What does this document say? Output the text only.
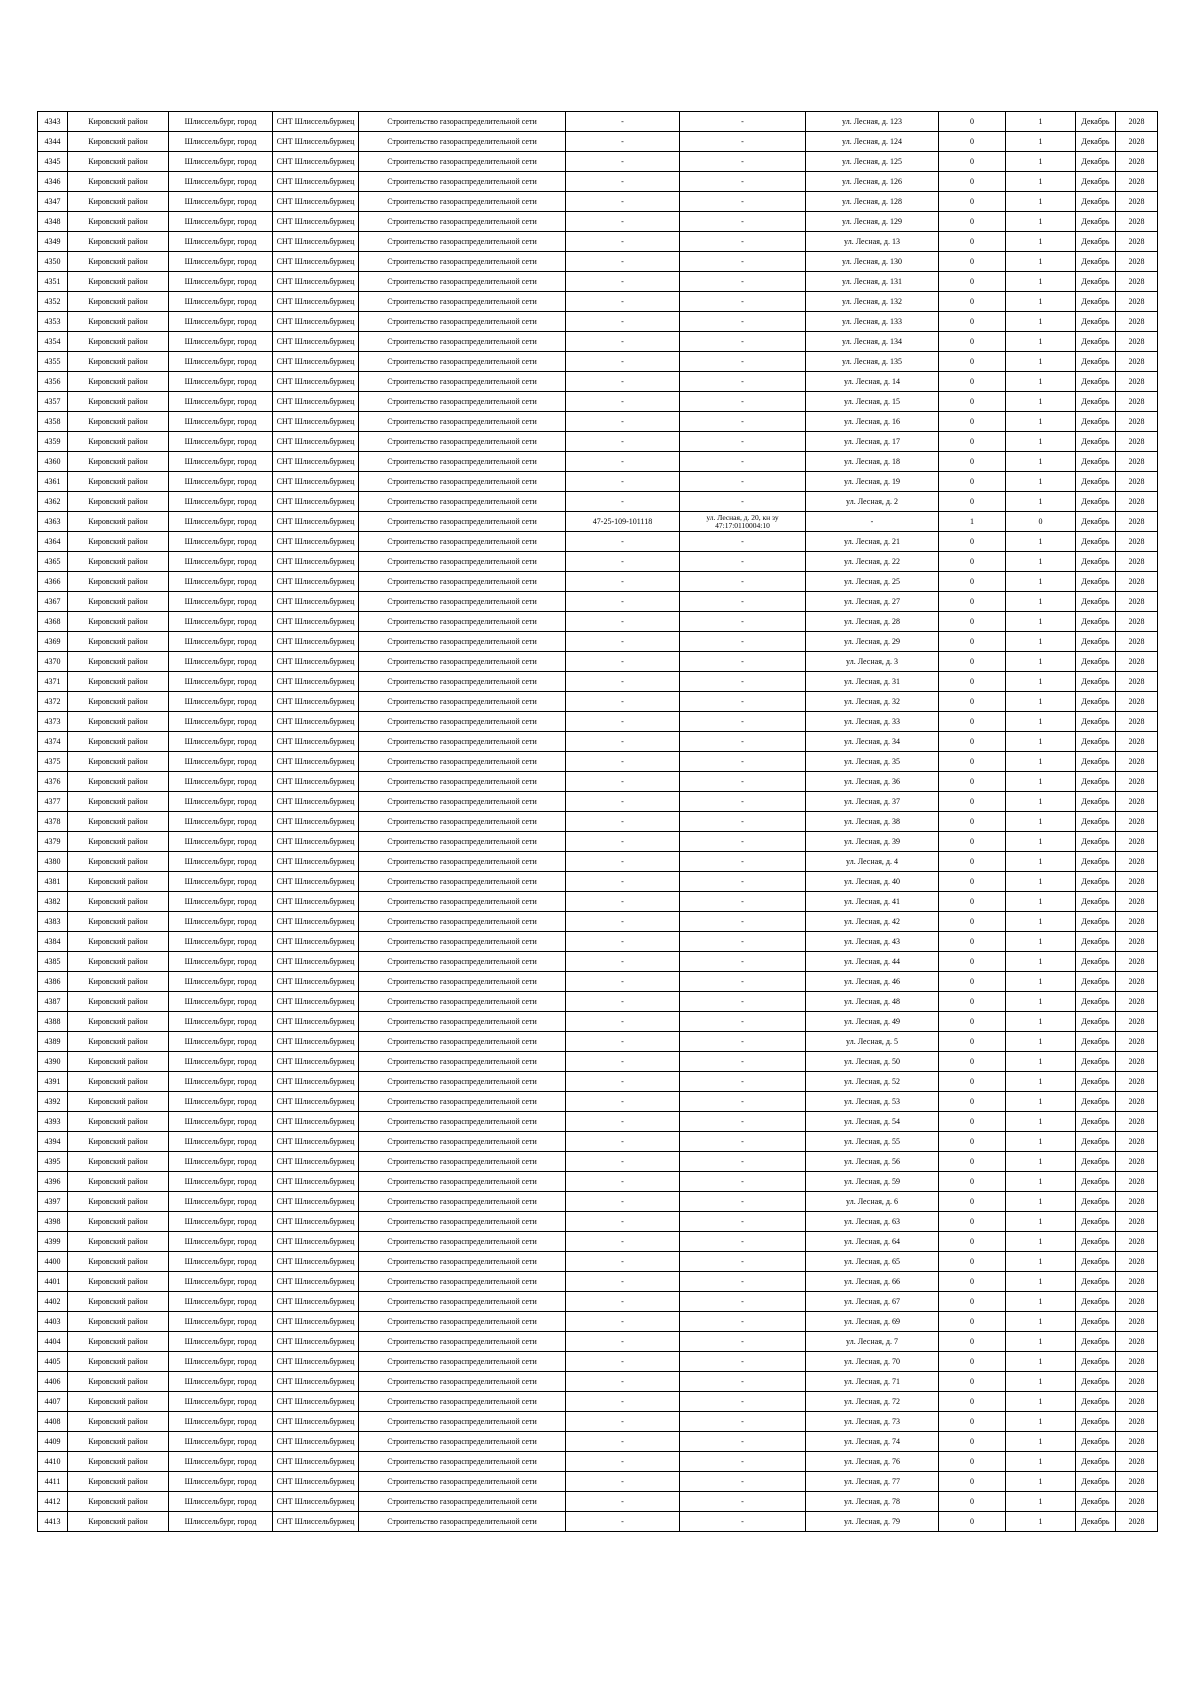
4343	Кировский район	Шлиссельбург, город	СНТ Шлиссельбуржец	Строительство газораспределительной сети	-	-	ул. Лесная, д. 123	0	1	Декабрь	2028
4344	Кировский район	Шлиссельбург, город	СНТ Шлиссельбуржец	Строительство газораспределительной сети	-	-	ул. Лесная, д. 124	0	1	Декабрь	2028
4345	Кировский район	Шлиссельбург, город	СНТ Шлиссельбуржец	Строительство газораспределительной сети	-	-	ул. Лесная, д. 125	0	1	Декабрь	2028
4346	Кировский район	Шлиссельбург, город	СНТ Шлиссельбуржец	Строительство газораспределительной сети	-	-	ул. Лесная, д. 126	0	1	Декабрь	2028
4347	Кировский район	Шлиссельбург, город	СНТ Шлиссельбуржец	Строительство газораспределительной сети	-	-	ул. Лесная, д. 128	0	1	Декабрь	2028
4348	Кировский район	Шлиссельбург, город	СНТ Шлиссельбуржец	Строительство газораспределительной сети	-	-	ул. Лесная, д. 129	0	1	Декабрь	2028
4349	Кировский район	Шлиссельбург, город	СНТ Шлиссельбуржец	Строительство газораспределительной сети	-	-	ул. Лесная, д. 13	0	1	Декабрь	2028
4350	Кировский район	Шлиссельбург, город	СНТ Шлиссельбуржец	Строительство газораспределительной сети	-	-	ул. Лесная, д. 130	0	1	Декабрь	2028
4351	Кировский район	Шлиссельбург, город	СНТ Шлиссельбуржец	Строительство газораспределительной сети	-	-	ул. Лесная, д. 131	0	1	Декабрь	2028
4352	Кировский район	Шлиссельбург, город	СНТ Шлиссельбуржец	Строительство газораспределительной сети	-	-	ул. Лесная, д. 132	0	1	Декабрь	2028
4353	Кировский район	Шлиссельбург, город	СНТ Шлиссельбуржец	Строительство газораспределительной сети	-	-	ул. Лесная, д. 133	0	1	Декабрь	2028
4354	Кировский район	Шлиссельбург, город	СНТ Шлиссельбуржец	Строительство газораспределительной сети	-	-	ул. Лесная, д. 134	0	1	Декабрь	2028
4355	Кировский район	Шлиссельбург, город	СНТ Шлиссельбуржец	Строительство газораспределительной сети	-	-	ул. Лесная, д. 135	0	1	Декабрь	2028
4356	Кировский район	Шлиссельбург, город	СНТ Шлиссельбуржец	Строительство газораспределительной сети	-	-	ул. Лесная, д. 14	0	1	Декабрь	2028
4357	Кировский район	Шлиссельбург, город	СНТ Шлиссельбуржец	Строительство газораспределительной сети	-	-	ул. Лесная, д. 15	0	1	Декабрь	2028
4358	Кировский район	Шлиссельбург, город	СНТ Шлиссельбуржец	Строительство газораспределительной сети	-	-	ул. Лесная, д. 16	0	1	Декабрь	2028
4359	Кировский район	Шлиссельбург, город	СНТ Шлиссельбуржец	Строительство газораспределительной сети	-	-	ул. Лесная, д. 17	0	1	Декабрь	2028
4360	Кировский район	Шлиссельбург, город	СНТ Шлиссельбуржец	Строительство газораспределительной сети	-	-	ул. Лесная, д. 18	0	1	Декабрь	2028
4361	Кировский район	Шлиссельбург, город	СНТ Шлиссельбуржец	Строительство газораспределительной сети	-	-	ул. Лесная, д. 19	0	1	Декабрь	2028
4362	Кировский район	Шлиссельбург, город	СНТ Шлиссельбуржец	Строительство газораспределительной сети	-	-	ул. Лесная, д. 2	0	1	Декабрь	2028
4363	Кировский район	Шлиссельбург, город	СНТ Шлиссельбуржец	Строительство газораспределительной сети	47-25-109-101118	ул. Лесная, д. 20, кн зу 47:17:0110004:10	-	1	0	Декабрь	2028
4364	Кировский район	Шлиссельбург, город	СНТ Шлиссельбуржец	Строительство газораспределительной сети	-	-	ул. Лесная, д. 21	0	1	Декабрь	2028
4365	Кировский район	Шлиссельбург, город	СНТ Шлиссельбуржец	Строительство газораспределительной сети	-	-	ул. Лесная, д. 22	0	1	Декабрь	2028
4366	Кировский район	Шлиссельбург, город	СНТ Шлиссельбуржец	Строительство газораспределительной сети	-	-	ул. Лесная, д. 25	0	1	Декабрь	2028
4367	Кировский район	Шлиссельбург, город	СНТ Шлиссельбуржец	Строительство газораспределительной сети	-	-	ул. Лесная, д. 27	0	1	Декабрь	2028
4368	Кировский район	Шлиссельбург, город	СНТ Шлиссельбуржец	Строительство газораспределительной сети	-	-	ул. Лесная, д. 28	0	1	Декабрь	2028
4369	Кировский район	Шлиссельбург, город	СНТ Шлиссельбуржец	Строительство газораспределительной сети	-	-	ул. Лесная, д. 29	0	1	Декабрь	2028
4370	Кировский район	Шлиссельбург, город	СНТ Шлиссельбуржец	Строительство газораспределительной сети	-	-	ул. Лесная, д. 3	0	1	Декабрь	2028
4371	Кировский район	Шлиссельбург, город	СНТ Шлиссельбуржец	Строительство газораспределительной сети	-	-	ул. Лесная, д. 31	0	1	Декабрь	2028
4372	Кировский район	Шлиссельбург, город	СНТ Шлиссельбуржец	Строительство газораспределительной сети	-	-	ул. Лесная, д. 32	0	1	Декабрь	2028
4373	Кировский район	Шлиссельбург, город	СНТ Шлиссельбуржец	Строительство газораспределительной сети	-	-	ул. Лесная, д. 33	0	1	Декабрь	2028
4374	Кировский район	Шлиссельбург, город	СНТ Шлиссельбуржец	Строительство газораспределительной сети	-	-	ул. Лесная, д. 34	0	1	Декабрь	2028
4375	Кировский район	Шлиссельбург, город	СНТ Шлиссельбуржец	Строительство газораспределительной сети	-	-	ул. Лесная, д. 35	0	1	Декабрь	2028
4376	Кировский район	Шлиссельбург, город	СНТ Шлиссельбуржец	Строительство газораспределительной сети	-	-	ул. Лесная, д. 36	0	1	Декабрь	2028
4377	Кировский район	Шлиссельбург, город	СНТ Шлиссельбуржец	Строительство газораспределительной сети	-	-	ул. Лесная, д. 37	0	1	Декабрь	2028
4378	Кировский район	Шлиссельбург, город	СНТ Шлиссельбуржец	Строительство газораспределительной сети	-	-	ул. Лесная, д. 38	0	1	Декабрь	2028
4379	Кировский район	Шлиссельбург, город	СНТ Шлиссельбуржец	Строительство газораспределительной сети	-	-	ул. Лесная, д. 39	0	1	Декабрь	2028
4380	Кировский район	Шлиссельбург, город	СНТ Шлиссельбуржец	Строительство газораспределительной сети	-	-	ул. Лесная, д. 4	0	1	Декабрь	2028
4381	Кировский район	Шлиссельбург, город	СНТ Шлиссельбуржец	Строительство газораспределительной сети	-	-	ул. Лесная, д. 40	0	1	Декабрь	2028
4382	Кировский район	Шлиссельбург, город	СНТ Шлиссельбуржец	Строительство газораспределительной сети	-	-	ул. Лесная, д. 41	0	1	Декабрь	2028
4383	Кировский район	Шлиссельбург, город	СНТ Шлиссельбуржец	Строительство газораспределительной сети	-	-	ул. Лесная, д. 42	0	1	Декабрь	2028
4384	Кировский район	Шлиссельбург, город	СНТ Шлиссельбуржец	Строительство газораспределительной сети	-	-	ул. Лесная, д. 43	0	1	Декабрь	2028
4385	Кировский район	Шлиссельбург, город	СНТ Шлиссельбуржец	Строительство газораспределительной сети	-	-	ул. Лесная, д. 44	0	1	Декабрь	2028
4386	Кировский район	Шлиссельбург, город	СНТ Шлиссельбуржец	Строительство газораспределительной сети	-	-	ул. Лесная, д. 46	0	1	Декабрь	2028
4387	Кировский район	Шлиссельбург, город	СНТ Шлиссельбуржец	Строительство газораспределительной сети	-	-	ул. Лесная, д. 48	0	1	Декабрь	2028
4388	Кировский район	Шлиссельбург, город	СНТ Шлиссельбуржец	Строительство газораспределительной сети	-	-	ул. Лесная, д. 49	0	1	Декабрь	2028
4389	Кировский район	Шлиссельбург, город	СНТ Шлиссельбуржец	Строительство газораспределительной сети	-	-	ул. Лесная, д. 5	0	1	Декабрь	2028
4390	Кировский район	Шлиссельбург, город	СНТ Шлиссельбуржец	Строительство газораспределительной сети	-	-	ул. Лесная, д. 50	0	1	Декабрь	2028
4391	Кировский район	Шлиссельбург, город	СНТ Шлиссельбуржец	Строительство газораспределительной сети	-	-	ул. Лесная, д. 52	0	1	Декабрь	2028
4392	Кировский район	Шлиссельбург, город	СНТ Шлиссельбуржец	Строительство газораспределительной сети	-	-	ул. Лесная, д. 53	0	1	Декабрь	2028
4393	Кировский район	Шлиссельбург, город	СНТ Шлиссельбуржец	Строительство газораспределительной сети	-	-	ул. Лесная, д. 54	0	1	Декабрь	2028
4394	Кировский район	Шлиссельбург, город	СНТ Шлиссельбуржец	Строительство газораспределительной сети	-	-	ул. Лесная, д. 55	0	1	Декабрь	2028
4395	Кировский район	Шлиссельбург, город	СНТ Шлиссельбуржец	Строительство газораспределительной сети	-	-	ул. Лесная, д. 56	0	1	Декабрь	2028
4396	Кировский район	Шлиссельбург, город	СНТ Шлиссельбуржец	Строительство газораспределительной сети	-	-	ул. Лесная, д. 59	0	1	Декабрь	2028
4397	Кировский район	Шлиссельбург, город	СНТ Шлиссельбуржец	Строительство газораспределительной сети	-	-	ул. Лесная, д. 6	0	1	Декабрь	2028
4398	Кировский район	Шлиссельбург, город	СНТ Шлиссельбуржец	Строительство газораспределительной сети	-	-	ул. Лесная, д. 63	0	1	Декабрь	2028
4399	Кировский район	Шлиссельбург, город	СНТ Шлиссельбуржец	Строительство газораспределительной сети	-	-	ул. Лесная, д. 64	0	1	Декабрь	2028
4400	Кировский район	Шлиссельбург, город	СНТ Шлиссельбуржец	Строительство газораспределительной сети	-	-	ул. Лесная, д. 65	0	1	Декабрь	2028
4401	Кировский район	Шлиссельбург, город	СНТ Шлиссельбуржец	Строительство газораспределительной сети	-	-	ул. Лесная, д. 66	0	1	Декабрь	2028
4402	Кировский район	Шлиссельбург, город	СНТ Шлиссельбуржец	Строительство газораспределительной сети	-	-	ул. Лесная, д. 67	0	1	Декабрь	2028
4403	Кировский район	Шлиссельбург, город	СНТ Шлиссельбуржец	Строительство газораспределительной сети	-	-	ул. Лесная, д. 69	0	1	Декабрь	2028
4404	Кировский район	Шлиссельбург, город	СНТ Шлиссельбуржец	Строительство газораспределительной сети	-	-	ул. Лесная, д. 7	0	1	Декабрь	2028
4405	Кировский район	Шлиссельбург, город	СНТ Шлиссельбуржец	Строительство газораспределительной сети	-	-	ул. Лесная, д. 70	0	1	Декабрь	2028
4406	Кировский район	Шлиссельбург, город	СНТ Шлиссельбуржец	Строительство газораспределительной сети	-	-	ул. Лесная, д. 71	0	1	Декабрь	2028
4407	Кировский район	Шлиссельбург, город	СНТ Шлиссельбуржец	Строительство газораспределительной сети	-	-	ул. Лесная, д. 72	0	1	Декабрь	2028
4408	Кировский район	Шлиссельбург, город	СНТ Шлиссельбуржец	Строительство газораспределительной сети	-	-	ул. Лесная, д. 73	0	1	Декабрь	2028
4409	Кировский район	Шлиссельбург, город	СНТ Шлиссельбуржец	Строительство газораспределительной сети	-	-	ул. Лесная, д. 74	0	1	Декабрь	2028
4410	Кировский район	Шлиссельбург, город	СНТ Шлиссельбуржец	Строительство газораспределительной сети	-	-	ул. Лесная, д. 76	0	1	Декабрь	2028
4411	Кировский район	Шлиссельбург, город	СНТ Шлиссельбуржец	Строительство газораспределительной сети	-	-	ул. Лесная, д. 77	0	1	Декабрь	2028
4412	Кировский район	Шлиссельбург, город	СНТ Шлиссельбуржец	Строительство газораспределительной сети	-	-	ул. Лесная, д. 78	0	1	Декабрь	2028
4413	Кировский район	Шлиссельбург, город	СНТ Шлиссельбуржец	Строительство газораспределительной сети	-	-	ул. Лесная, д. 79	0	1	Декабрь	2028
